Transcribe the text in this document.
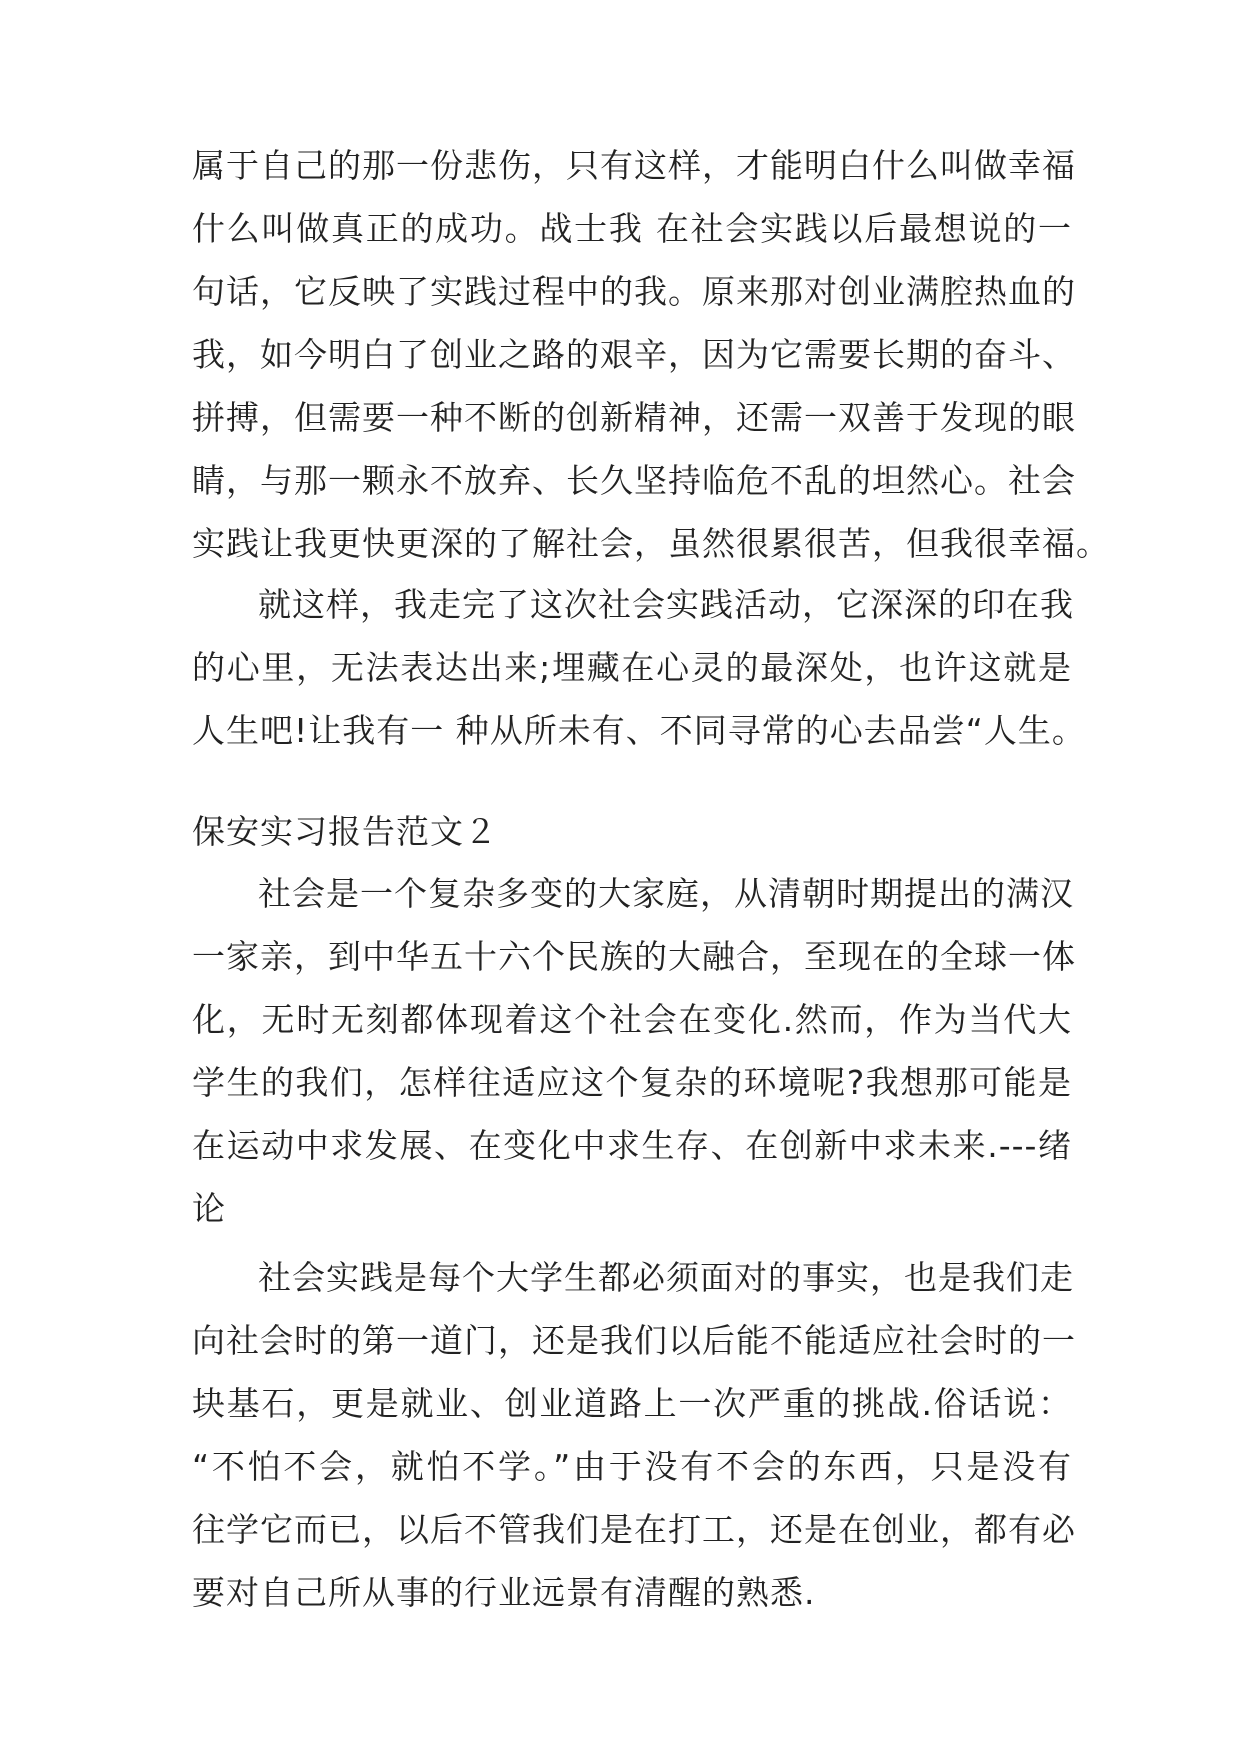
属于自己的那一份悲伤，只有这样，才能明白什么叫做幸福
什么叫做真正的成功。战士我 在社会实践以后最想说的一
句话，它反映了实践过程中的我。原来那对创业满腔热血的
我，如今明白了创业之路的艰辛，因为它需要长期的奋斗、
拼搏，但需要一种不断的创新精神，还需一双善于发现的眼
睛，与那一颗永不放弃、长久坚持临危不乱的坦然心。社会
实践让我更快更深的了解社会，虽然很累很苦，但我很幸福。
就这样，我走完了这次社会实践活动，它深深的印在我
的心里，无法表达出来;埋藏在心灵的最深处，也许这就是
人生吧!让我有一 种从所未有、不同寻常的心去品尝“人生。
保安实习报告范文２
社会是一个复杂多变的大家庭，从清朝时期提出的满汉
一家亲，到中华五十六个民族的大融合，至现在的全球一体
化，无时无刻都体现着这个社会在变化.然而，作为当代大
学生的我们，怎样往适应这个复杂的环境呢?我想那可能是
在运动中求发展、在变化中求生存、在创新中求未来.---绪
论
社会实践是每个大学生都必须面对的事实，也是我们走
向社会时的第一道门，还是我们以后能不能适应社会时的一
块基石，更是就业、创业道路上一次严重的挑战.俗话说：
“不怕不会，就怕不学。”由于没有不会的东西，只是没有
往学它而已，以后不管我们是在打工，还是在创业，都有必
要对自己所从事的行业远景有清醒的熟悉.
